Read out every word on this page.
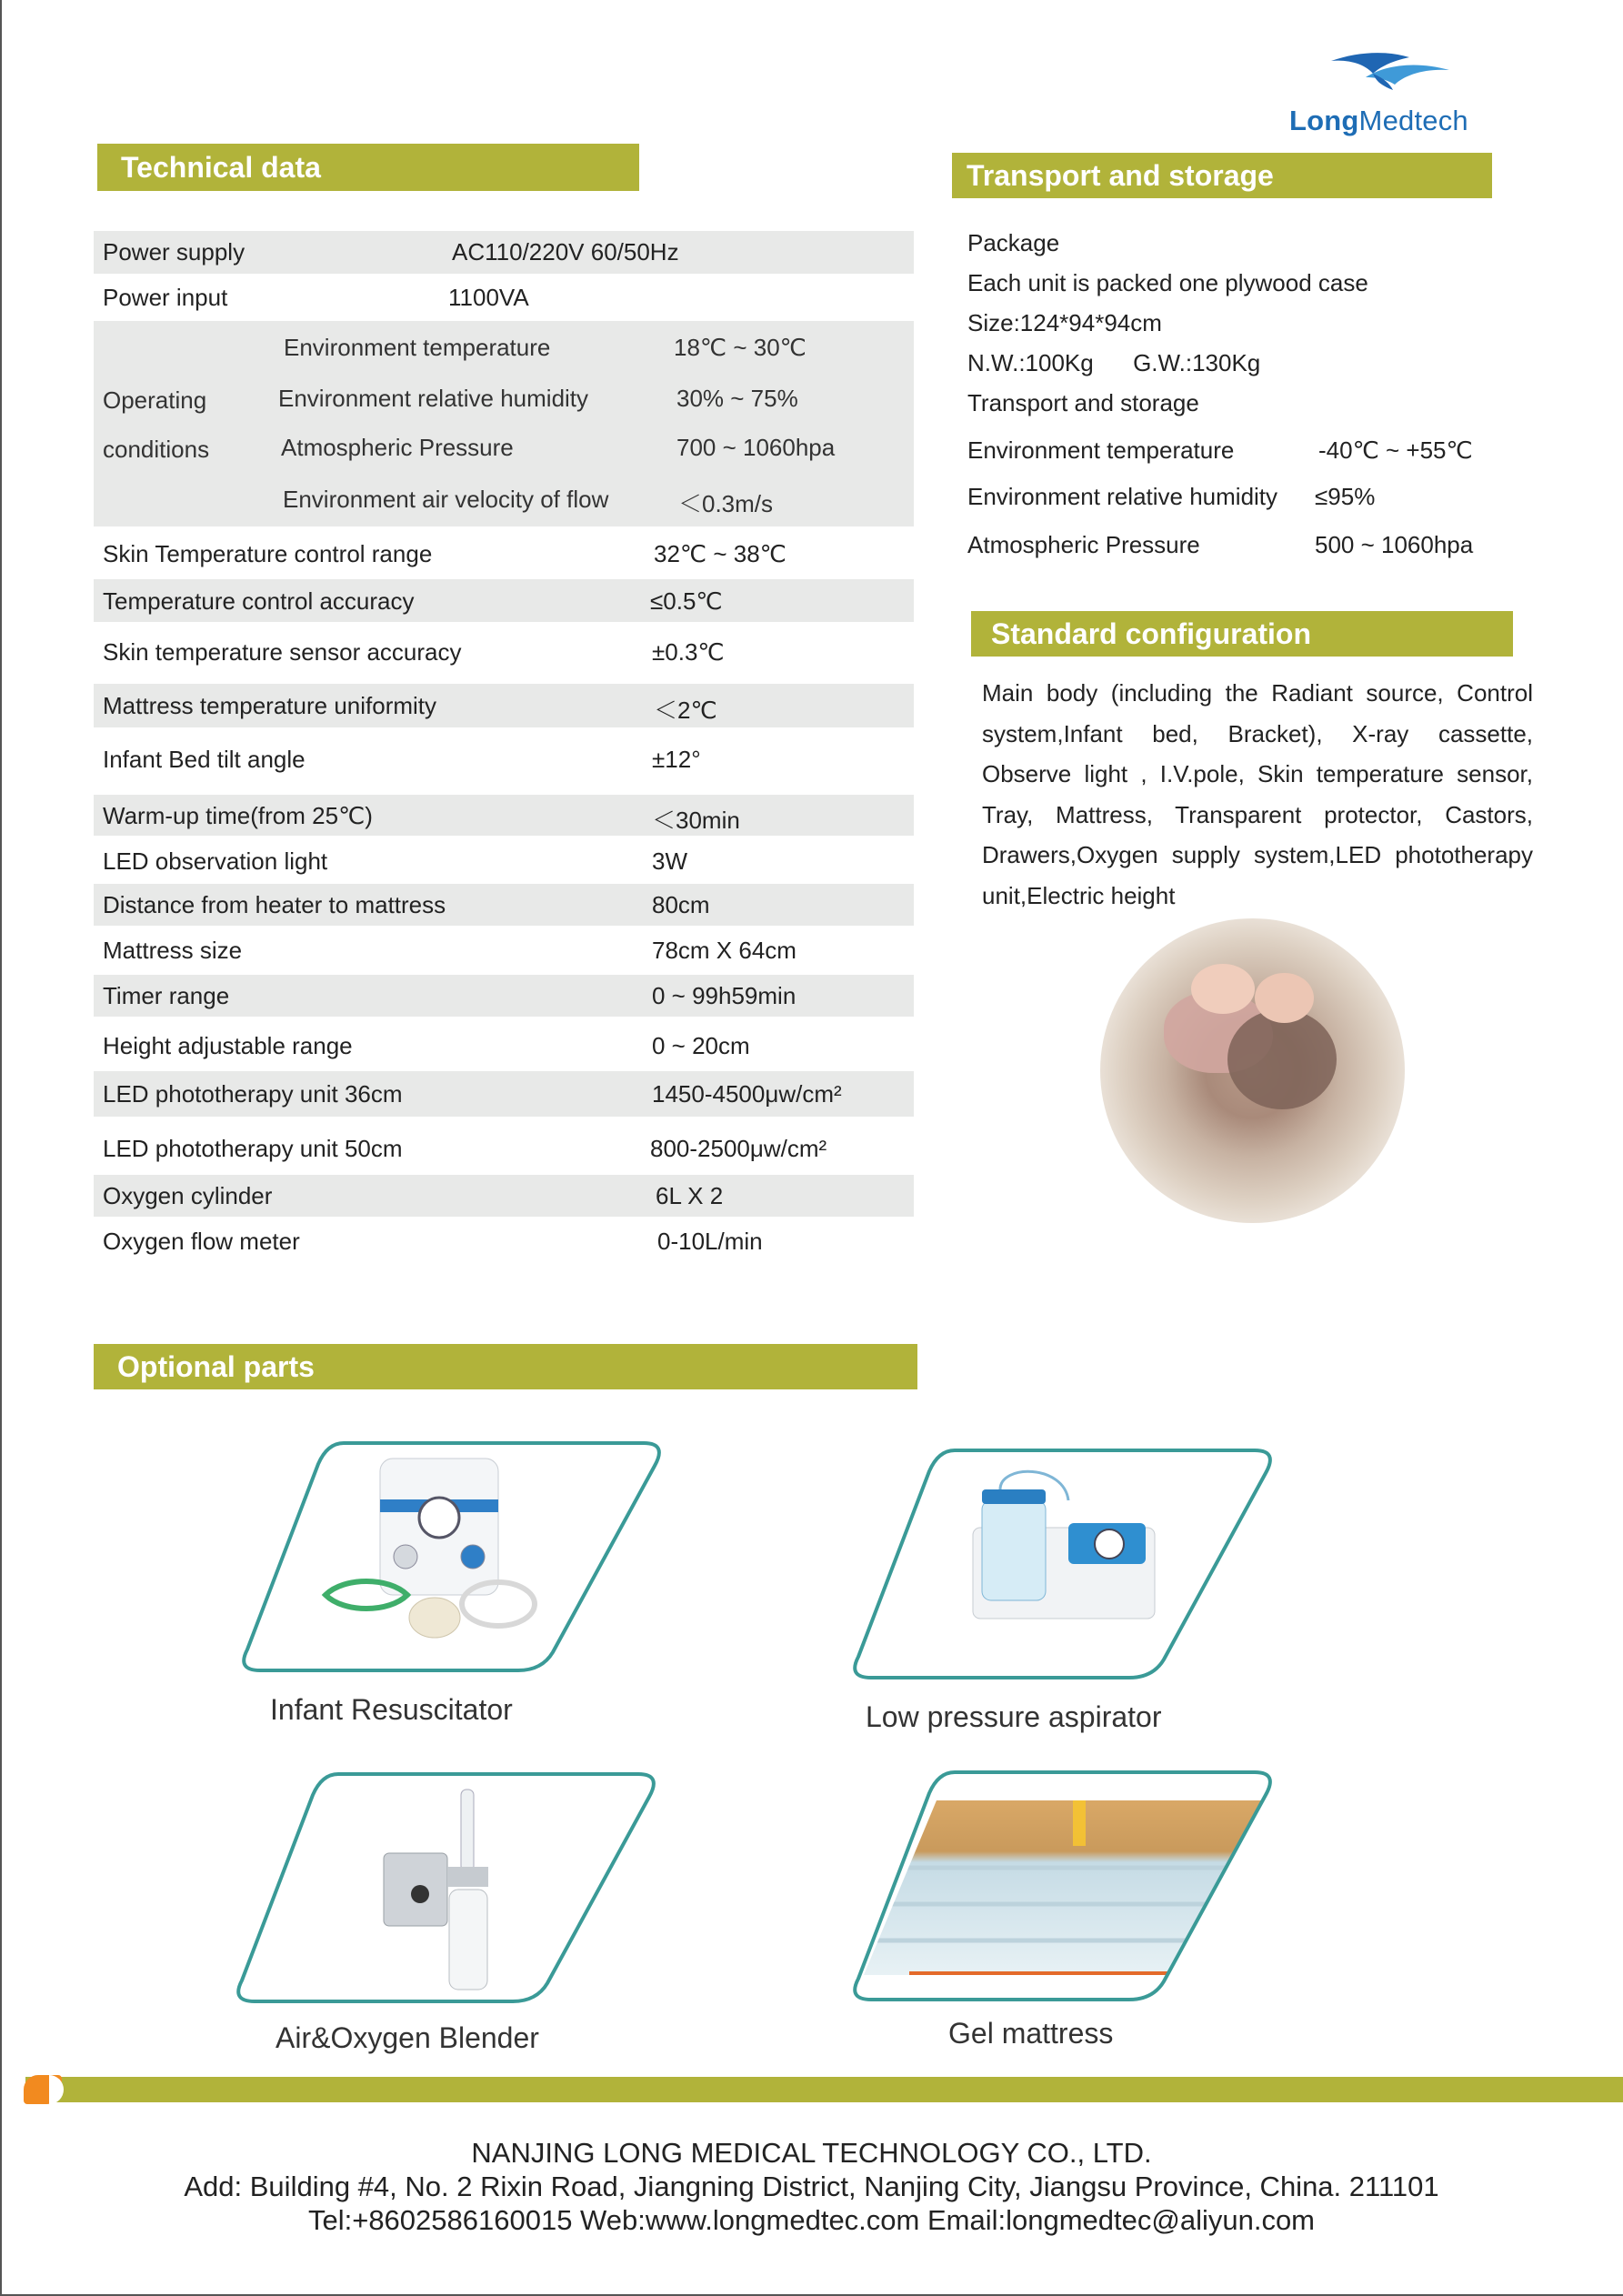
LongMedtech
Technical data
Power supply	AC110/220V 60/50Hz
Power input	1100VA
Operating
conditions
Environment temperature	18℃ ~ 30℃
Environment relative humidity	30% ~ 75%
Atmospheric Pressure	700 ~ 1060hpa
Environment air velocity of flow	＜0.3m/s
Skin Temperature control range	32℃ ~ 38℃
Temperature control accuracy	≤0.5℃
Skin temperature sensor accuracy	±0.3℃
Mattress temperature uniformity	＜2℃
Infant Bed tilt angle	±12°
Warm-up time(from 25℃)	＜30min
LED observation light	3W
Distance from heater to mattress	80cm
Mattress size	78cm X 64cm
Timer range	0 ~ 99h59min
Height adjustable range	0 ~ 20cm
LED phototherapy unit 36cm	1450-4500μw/cm²
LED phototherapy unit 50cm	800-2500μw/cm²
Oxygen cylinder	6L X 2
Oxygen flow meter	0-10L/min
Transport and storage
Package
Each unit is packed one plywood case
Size:124*94*94cm
N.W.:100Kg      G.W.:130Kg
Transport and storage
Environment temperature	-40℃ ~ +55℃
Environment relative humidity ≤95%
Atmospheric Pressure	500 ~ 1060hpa
Standard configuration
Main body (including the Radiant source, Control system,Infant bed, Bracket), X-ray cassette, Observe light , I.V.pole, Skin temperature sensor, Tray, Mattress, Transparent protector, Castors, Drawers,Oxygen supply system,LED phototherapy unit,Electric height
Optional parts
Infant Resuscitator	Low pressure aspirator
Air&Oxygen Blender	Gel mattress
NANJING LONG MEDICAL TECHNOLOGY CO., LTD.
Add: Building #4, No. 2 Rixin Road, Jiangning District, Nanjing City, Jiangsu Province, China. 211101
Tel:+8602586160015 Web:www.longmedtec.com Email:longmedtec@aliyun.com
